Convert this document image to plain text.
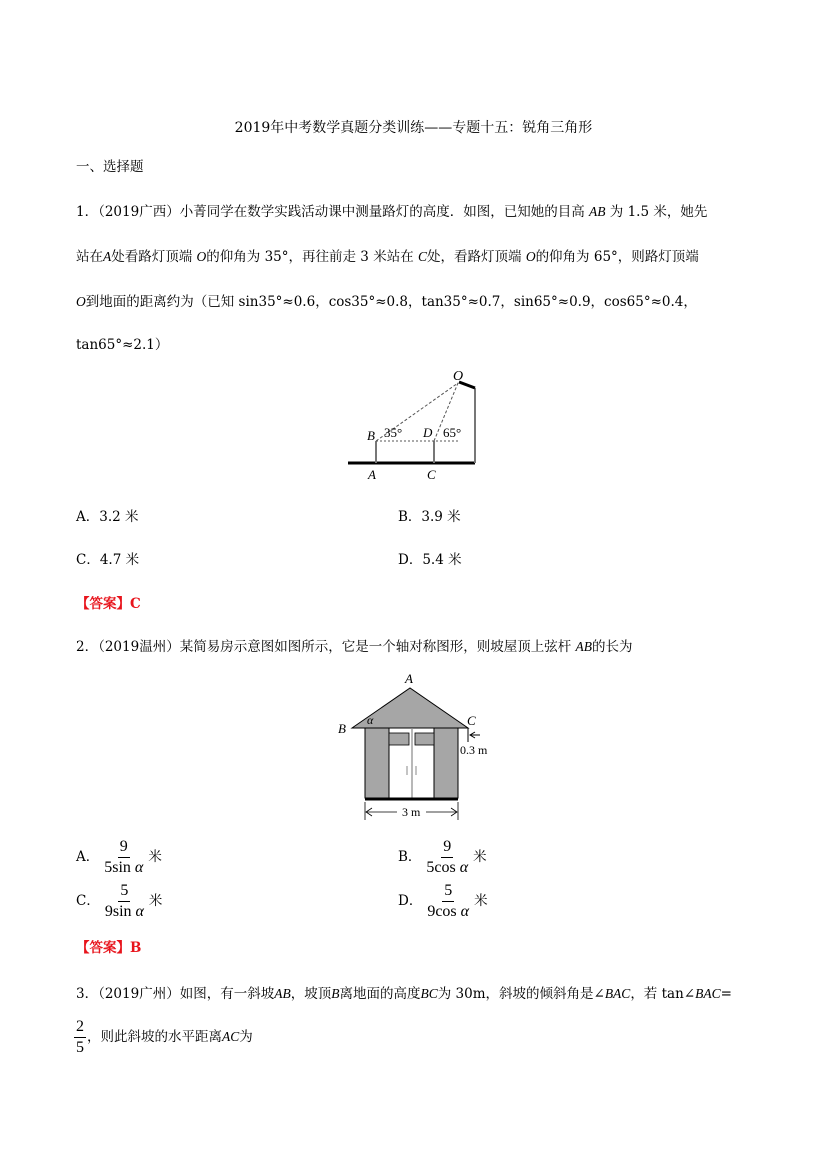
2019年中考数学真题分类训练——专题十五：锐角三角形
一、选择题
1．（2019广西）小菁同学在数学实践活动课中测量路灯的高度．如图，已知她的目高 AB 为 1.5 米，她先
站在A处看路灯顶端 O的仰角为 35°，再往前走 3 米站在 C处，看路灯顶端 O的仰角为 65°，则路灯顶端
O到地面的距离约为（已知 sin35°≈0.6，cos35°≈0.8，tan35°≈0.7，sin65°≈0.9，cos65°≈0.4，
tan65°≈2.1）
O
B 35° D 65°
A	C
A．3.2 米	B．3.9 米
C．4.7 米	D．5.4 米
【答案】C
2．（2019温州）某简易房示意图如图所示，它是一个轴对称图形，则坡屋顶上弦杆 AB的长为
A
B
α	C
0.3 m
3 m
A． $\frac{9}{\text{5sin α}}$ 米	B． $\frac{9}{\text{5cos α}}$ 米
C． $\frac{5}{\text{9sin α}}$ 米	D． $\frac{5}{\text{9cos α}}$ 米
【答案】B
3．（2019广州）如图，有一斜坡AB，坡顶B离地面的高度BC为 30m，斜坡的倾斜角是∠BAC，若 tan∠BAC=
$\frac{2}{5}$ ，则此斜坡的水平距离AC为
